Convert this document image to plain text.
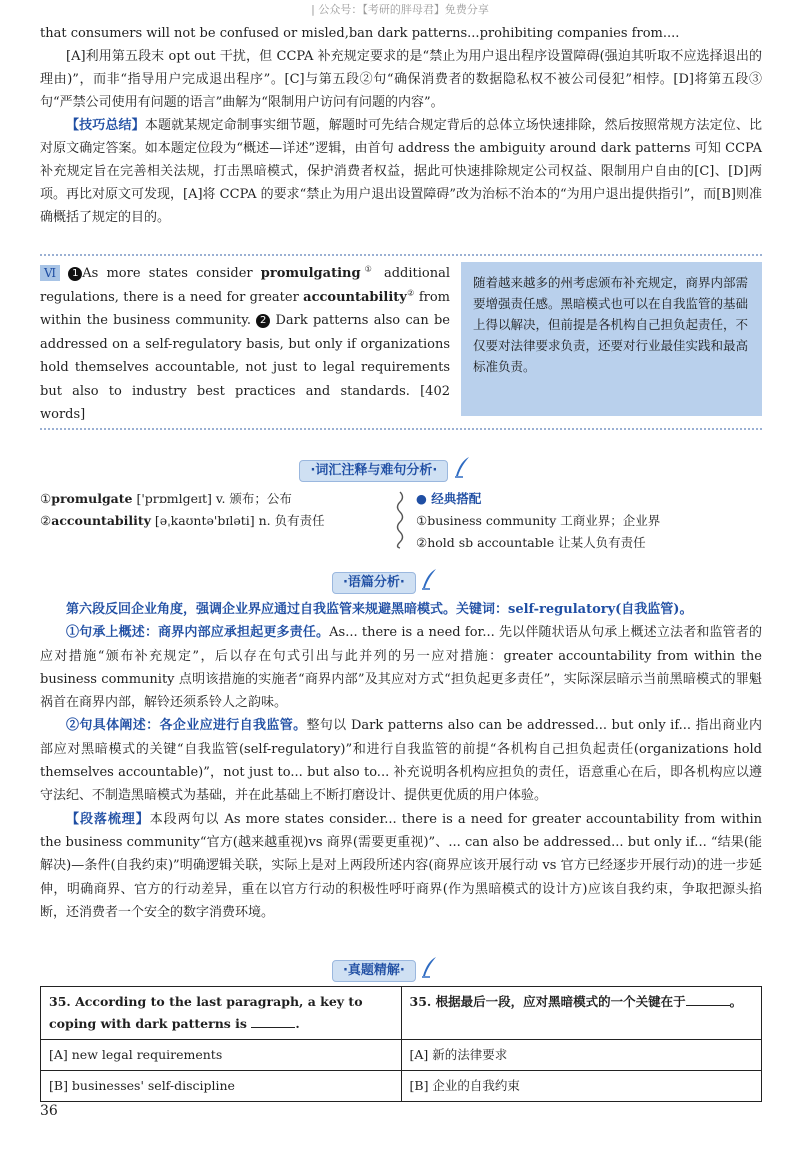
| 公众号：【考研的胖母君】免费分享

that consumers will not be confused or misled,ban dark patterns...prohibiting companies from....

[A]利用第五段末 opt out 干扰，但 CCPA 补充规定要求的是“禁止为用户退出程序设置障碍(强迫其听取不应选择退出的理由)”，而非“指导用户完成退出程序”。[C]与第五段②句“确保消费者的数据隐私权不被公司侵犯”相悖。[D]将第五段③句“严禁公司使用有问题的语言”曲解为“限制用户访问有问题的内容”。

【技巧总结】本题就某规定命制事实细节题，解题时可先结合规定背后的总体立场快速排除，然后按照常规方法定位、比对原文确定答案。如本题定位段为“概述—详述”逻辑，由首句 address the ambiguity around dark patterns 可知 CCPA 补充规定旨在完善相关法规，打击黑暗模式，保护消费者权益，据此可快速排除规定公司权益、限制用户自由的[C]、[D]两项。再比对原文可发现，[A]将 CCPA 的要求“禁止为用户退出设置障碍”改为治标不治本的“为用户退出提供指引”，而[B]则准确概括了规定的目的。

Ⅵ 1 As more states consider promulgating① additional regulations, there is a need for greater accountability② from within the business community. 2 Dark patterns also can be addressed on a self-regulatory basis, but only if organizations hold themselves accountable, not just to legal requirements but also to industry best practices and standards. [402 words]
随着越来越多的州考虑颁布补充规定，商界内部需要增强责任感。黑暗模式也可以在自我监管的基础上得以解决，但前提是各机构自己担负起责任，不仅要对法律要求负责，还要对行业最佳实践和最高标准负责。
·词汇注释与难句分析·
①promulgate ['prɒmlgeɪt] v. 颁布；公布
②accountability [əˌkaʊntə'bɪləti] n. 负有责任
● 经典搭配
①business community 工商业界；企业界
②hold sb accountable 让某人负有责任
·语篇分析·

第六段反回企业角度，强调企业界应通过自我监管来规避黑暗模式。关键词：self-regulatory(自我监管)。

①句承上概述：商界内部应承担起更多责任。As... there is a need for... 先以伴随状语从句承上概述立法者和监管者的应对措施“颁布补充规定”，后以存在句式引出与此并列的另一应对措施：greater accountability from within the business community 点明该措施的实施者“商界内部”及其应对方式“担负起更多责任”，实际深层暗示当前黑暗模式的罪魁祸首在商界内部，解铃还须系铃人之韵味。

②句具体阐述：各企业应进行自我监管。整句以 Dark patterns also can be addressed... but only if... 指出商业内部应对黑暗模式的关键“自我监管(self-regulatory)”和进行自我监管的前提“各机构自己担负起责任(organizations hold themselves accountable)”，not just to... but also to... 补充说明各机构应担负的责任，语意重心在后，即各机构应以遵守法纪、不制造黑暗模式为基础，并在此基础上不断打磨设计、提供更优质的用户体验。

【段落梳理】本段两句以 As more states consider... there is a need for greater accountability from within the business community“官方(越来越重视)vs 商界(需要更重视)”、... can also be addressed... but only if... “结果(能解决)—条件(自我约束)”明确逻辑关联，实际上是对上两段所述内容(商界应该开展行动 vs 官方已经逐步开展行动)的进一步延伸，明确商界、官方的行动差异，重在以官方行动的积极性呼吁商界(作为黑暗模式的设计方)应该自我约束，争取把源头掐断，还消费者一个安全的数字消费环境。

·真题精解·
35. According to the last paragraph, a key to coping with dark patterns is .	35. 根据最后一段，应对黑暗模式的一个关键在于 。
[A] new legal requirements	[A] 新的法律要求
[B] businesses' self-discipline	[B] 企业的自我约束
36
